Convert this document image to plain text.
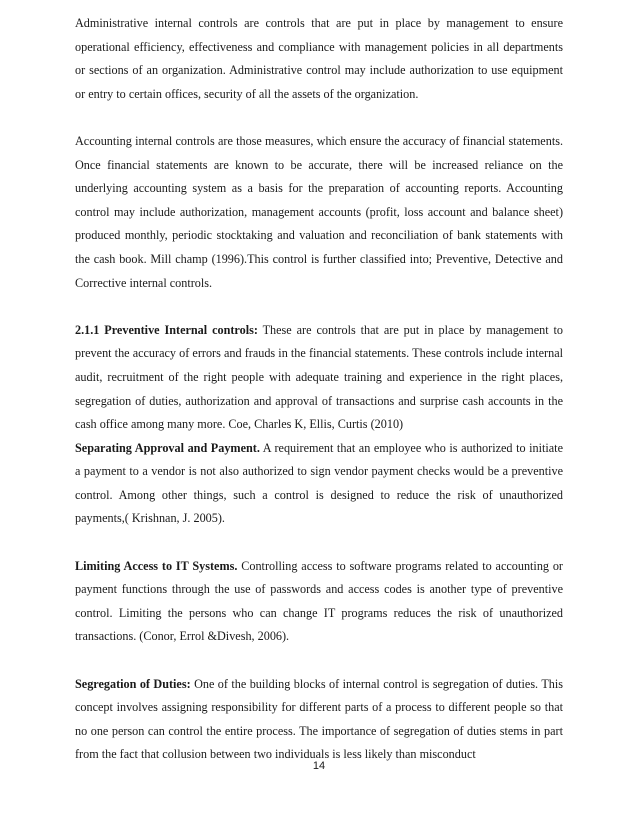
Administrative internal controls are controls that are put in place by management to ensure operational efficiency, effectiveness and compliance with management policies in all departments or sections of an organization. Administrative control may include authorization to use equipment or entry to certain offices, security of all the assets of the organization.

Accounting internal controls are those measures, which ensure the accuracy of financial statements. Once financial statements are known to be accurate, there will be increased reliance on the underlying accounting system as a basis for the preparation of accounting reports. Accounting control may include authorization, management accounts (profit, loss account and balance sheet) produced monthly, periodic stocktaking and valuation and reconciliation of bank statements with the cash book. Mill champ (1996).This control is further classified into; Preventive, Detective and Corrective internal controls.

2.1.1 Preventive Internal controls: These are controls that are put in place by management to prevent the accuracy of errors and frauds in the financial statements. These controls include internal audit, recruitment of the right people with adequate training and experience in the right places, segregation of duties, authorization and approval of transactions and surprise cash accounts in the cash office among many more. Coe, Charles K, Ellis, Curtis (2010)

Separating Approval and Payment. A requirement that an employee who is authorized to initiate a payment to a vendor is not also authorized to sign vendor payment checks would be a preventive control. Among other things, such a control is designed to reduce the risk of unauthorized payments,( Krishnan, J. 2005).

Limiting Access to IT Systems. Controlling access to software programs related to accounting or payment functions through the use of passwords and access codes is another type of preventive control. Limiting the persons who can change IT programs reduces the risk of unauthorized transactions. (Conor, Errol &Divesh, 2006).

Segregation of Duties: One of the building blocks of internal control is segregation of duties. This concept involves assigning responsibility for different parts of a process to different people so that no one person can control the entire process. The importance of segregation of duties stems in part from the fact that collusion between two individuals is less likely than misconduct

14
